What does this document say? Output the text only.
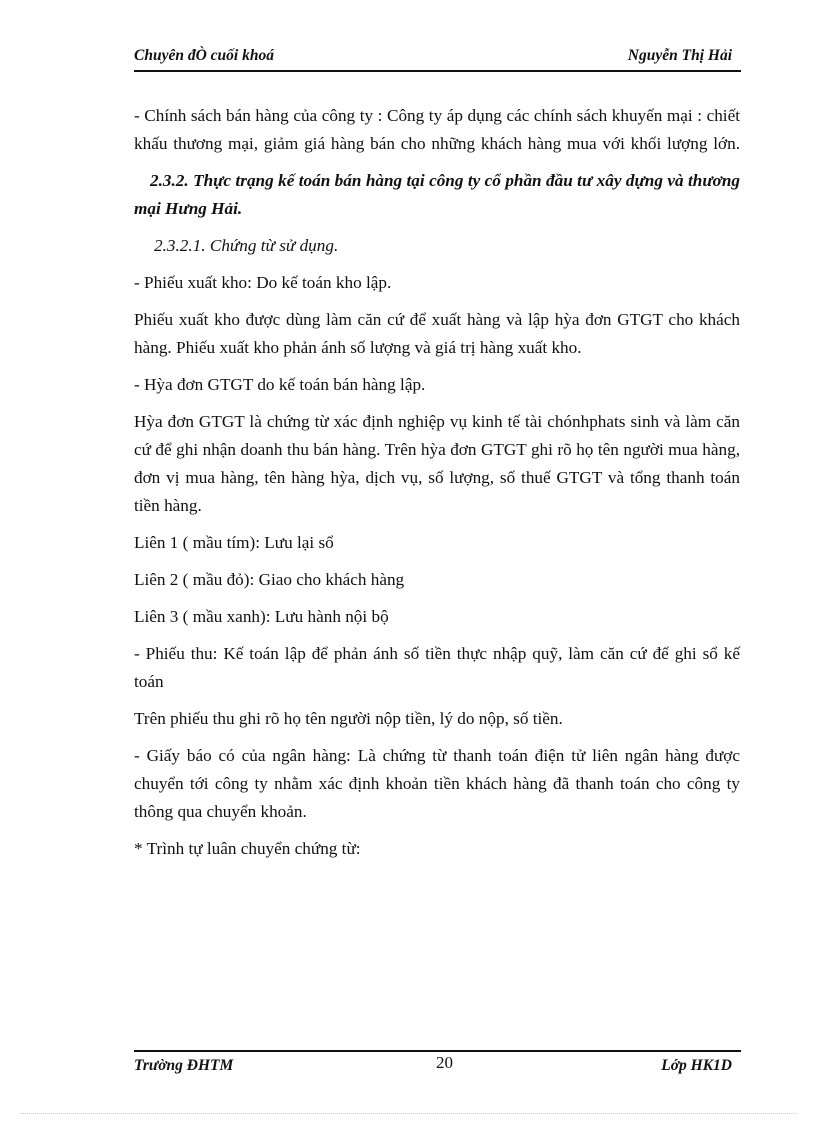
Chuyên đÒ cuối khoá	Nguyễn Thị Hải

- Chính sách bán hàng của công ty : Công ty áp dụng các chính sách khuyến mại : chiết khấu thương mại, giảm giá hàng bán cho những khách hàng mua với khối lượng lớn.

2.3.2. Thực trạng kế toán bán hàng tại công ty cổ phần đầu tư xây dựng và thương mại Hưng Hải.

2.3.2.1. Chứng từ sử dụng.

- Phiếu xuất kho: Do kế toán kho lập.

Phiếu xuất kho được dùng làm căn cứ để xuất hàng và lập hỳa đơn GTGT cho khách hàng. Phiếu xuất kho phản ánh số lượng và giá trị hàng xuất kho.

- Hỳa đơn GTGT do kế toán bán hàng lập.

Hỳa đơn GTGT là chứng từ xác định nghiệp vụ kinh tế tài chónhphats sinh và làm căn cứ để ghi nhận doanh thu bán hàng. Trên hỳa đơn GTGT ghi rõ họ tên người mua hàng, đơn vị mua hàng, tên hàng hỳa, dịch vụ, số lượng, số thuế GTGT và tổng thanh toán tiền hàng.

Liên 1 ( mầu tím): Lưu lại sổ

Liên 2 ( mầu đỏ): Giao cho khách hàng

Liên 3 ( mầu xanh): Lưu hành nội bộ

- Phiếu thu: Kế toán lập để phản ánh số tiền thực nhập quỹ, làm căn cứ để ghi sổ kế toán

Trên phiếu thu ghi rõ họ tên người nộp tiền, lý do nộp, số tiền.

- Giấy báo có của ngân hàng: Là chứng từ thanh toán điện tử liên ngân hàng được chuyển tới công ty nhằm xác định khoản tiền khách hàng đã thanh toán cho công ty thông qua chuyển khoản.

* Trình tự luân chuyển chứng từ:

Trường ĐHTM	20	Lớp HK1D
